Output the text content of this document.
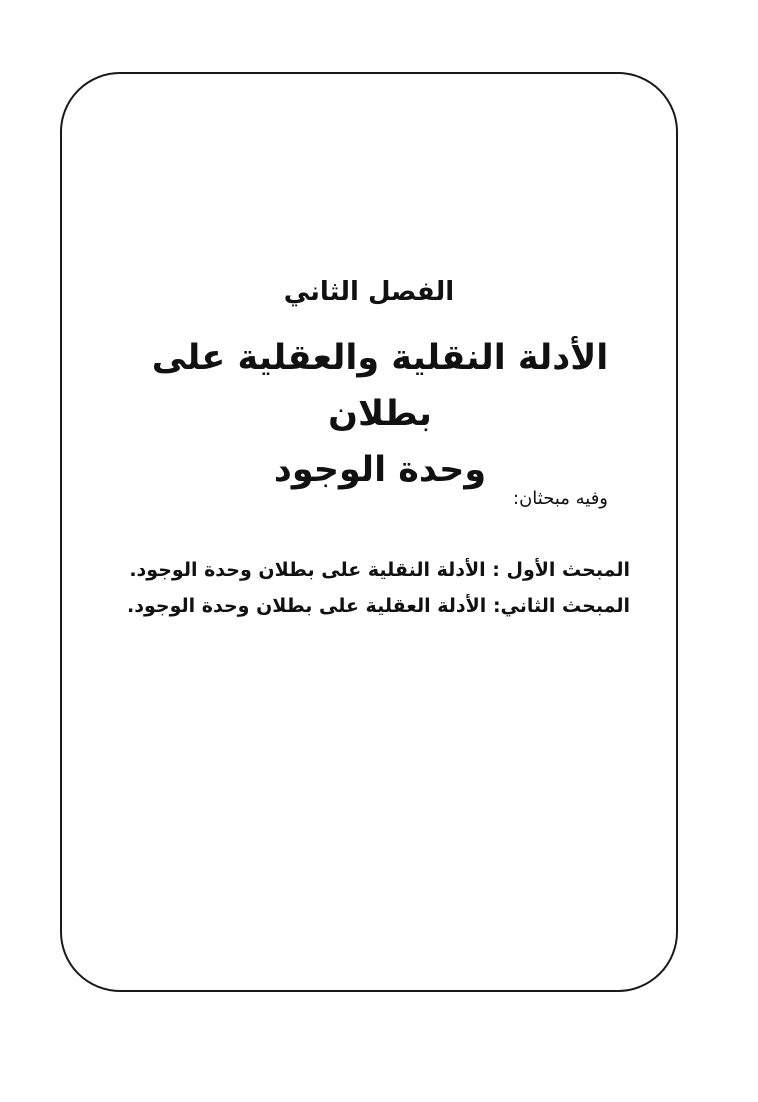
الفصل الثاني
الأدلة النقلية والعقلية على بطلان
وحدة الوجود
وفيه مبحثان:
المبحث الأول : الأدلة النقلية على بطلان وحدة الوجود.
المبحث الثاني: الأدلة العقلية على بطلان وحدة الوجود.
